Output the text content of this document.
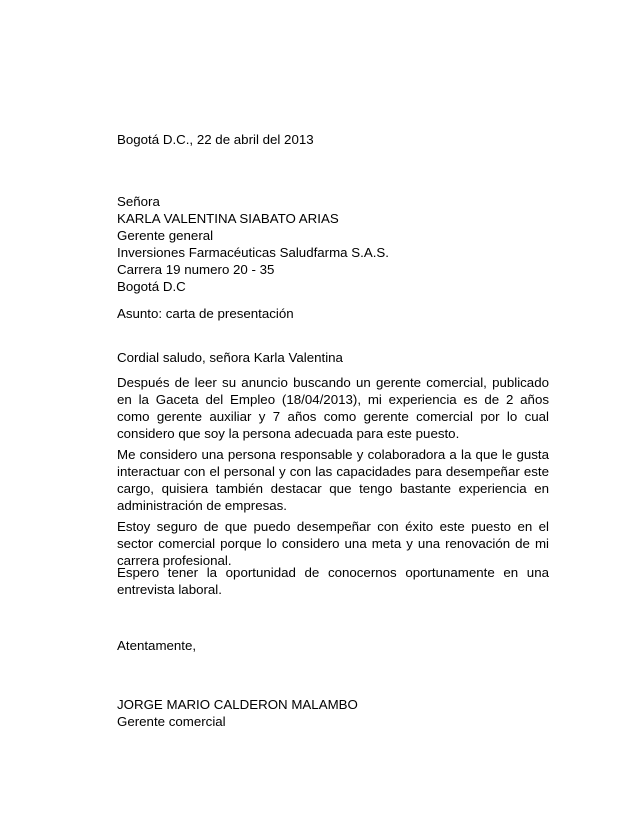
Bogotá D.C., 22 de abril del 2013
Señora
KARLA VALENTINA SIABATO ARIAS
Gerente general
Inversiones Farmacéuticas Saludfarma S.A.S.
Carrera 19 numero 20 - 35
Bogotá D.C
Asunto: carta de presentación
Cordial saludo, señora Karla Valentina
Después de leer su anuncio buscando un gerente comercial, publicado en la Gaceta del Empleo (18/04/2013), mi experiencia es de 2 años como gerente auxiliar y 7 años como gerente comercial por lo cual considero que soy la persona adecuada para este puesto.
Me considero una persona responsable y colaboradora a la que le gusta interactuar con el personal y con las capacidades para desempeñar este cargo, quisiera también destacar que tengo bastante experiencia en administración de empresas.
Estoy seguro de que puedo desempeñar con éxito este puesto en el sector comercial porque lo considero una meta y una renovación de mi carrera profesional.
Espero tener la oportunidad de conocernos oportunamente en una entrevista laboral.
Atentamente,
JORGE MARIO CALDERON MALAMBO
Gerente comercial
